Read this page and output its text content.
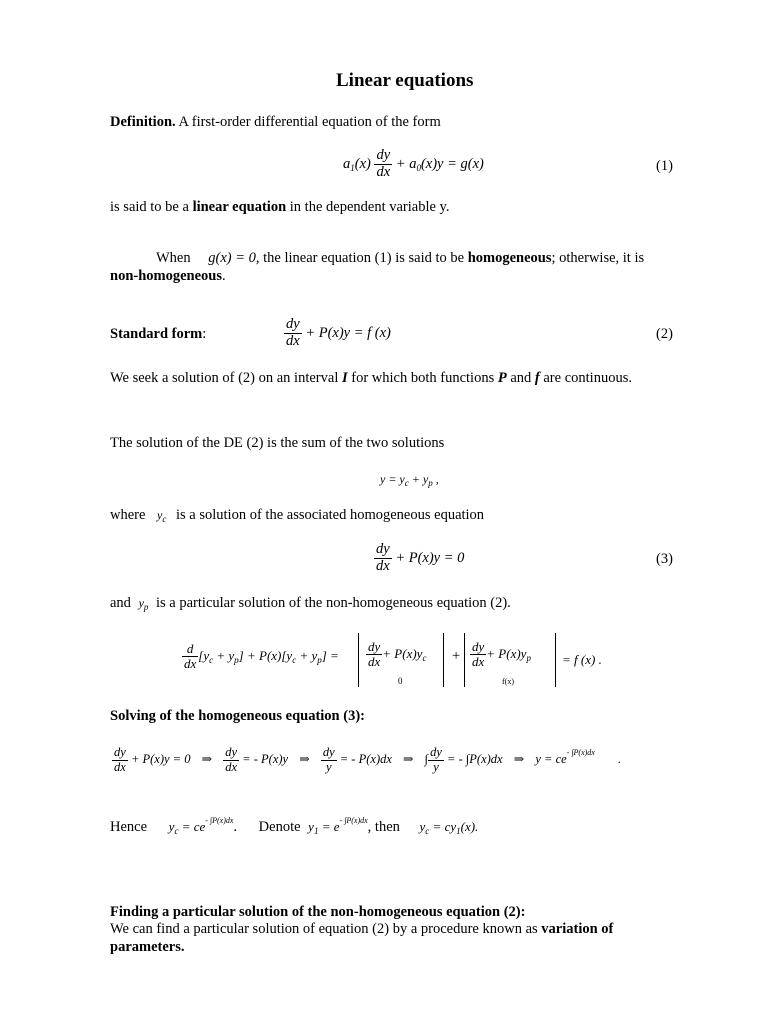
Linear equations
Definition. A first-order differential equation of the form
$a_1(x) \frac{dy}{dx} + a_0(x)y = g(x)$	(1)
is said to be a linear equation in the dependent variable y.
When g(x) = 0, the linear equation (1) is said to be homogeneous; otherwise, it is
non-homogeneous.
Standard form:	$\frac{dy}{dx} + P(x)y = f$ (x)	(2)
We seek a solution of (2) on an interval I for which both functions P and f are continuous.
The solution of the DE (2) is the sum of the two solutions
$y = y_c + y_p$ ,
where $y_c$ is a solution of the associated homogeneous equation
$\frac{dy}{dx} + P(x)y = 0$	(3)
and $y_p$ is a particular solution of the non-homogeneous equation (2).
$\frac{d}{dx} [y_c + y_p] + P(x)[y_c + y_p] = \frac{dy}{dx} + P(x)y_c$
0
+ $\frac{dy}{dx} + P(x)y_p$
f(x)
= f (x) .
Solving of the homogeneous equation (3):
$\frac{dy}{dx} + P(x)y = 0$ ⇒ $\frac{dy}{dx}$ = - P(x)y ⇒ $\frac{dy}{y}$ = - P(x)dx ⇒ ∫ $\frac{dy}{y}$ = - ∫P(x)dx ⇒ $y = ce^{- \int P(x)dx}$ .
Hence $y_c = ce^{- \int P(x)dx}$. Denote $y_1 = e^{- \int P(x)dx}$, then $y_c = cy_1(x)$.
Finding a particular solution of the non-homogeneous equation (2):
We can find a particular solution of equation (2) by a procedure known as variation of
parameters.
